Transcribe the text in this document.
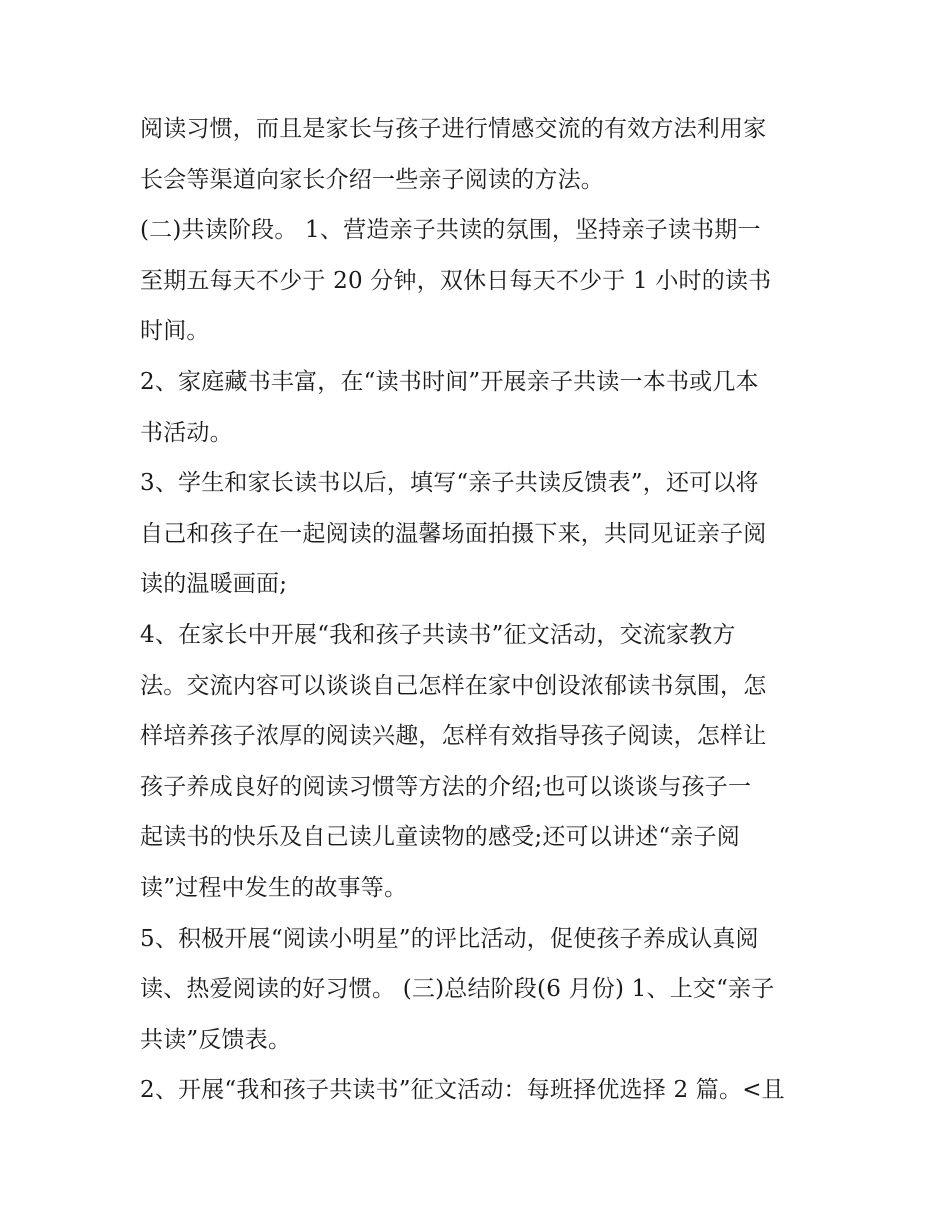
阅读习惯，而且是家长与孩子进行情感交流的有效方法利用家
长会等渠道向家长介绍一些亲子阅读的方法。
(二)共读阶段。 1、营造亲子共读的氛围，坚持亲子读书期一
至期五每天不少于 20 分钟，双休日每天不少于 1 小时的读书
时间。
2、家庭藏书丰富，在“读书时间”开展亲子共读一本书或几本
书活动。
3、学生和家长读书以后，填写“亲子共读反馈表”，还可以将
自己和孩子在一起阅读的温馨场面拍摄下来，共同见证亲子阅
读的温暖画面;
4、在家长中开展“我和孩子共读书”征文活动，交流家教方
法。交流内容可以谈谈自己怎样在家中创设浓郁读书氛围，怎
样培养孩子浓厚的阅读兴趣，怎样有效指导孩子阅读，怎样让
孩子养成良好的阅读习惯等方法的介绍;也可以谈谈与孩子一
起读书的快乐及自己读儿童读物的感受;还可以讲述“亲子阅
读”过程中发生的故事等。
5、积极开展“阅读小明星”的评比活动，促使孩子养成认真阅
读、热爱阅读的好习惯。 (三)总结阶段(6 月份) 1、上交“亲子
共读”反馈表。
2、开展“我和孩子共读书”征文活动：每班择优选择 2 篇。<且
